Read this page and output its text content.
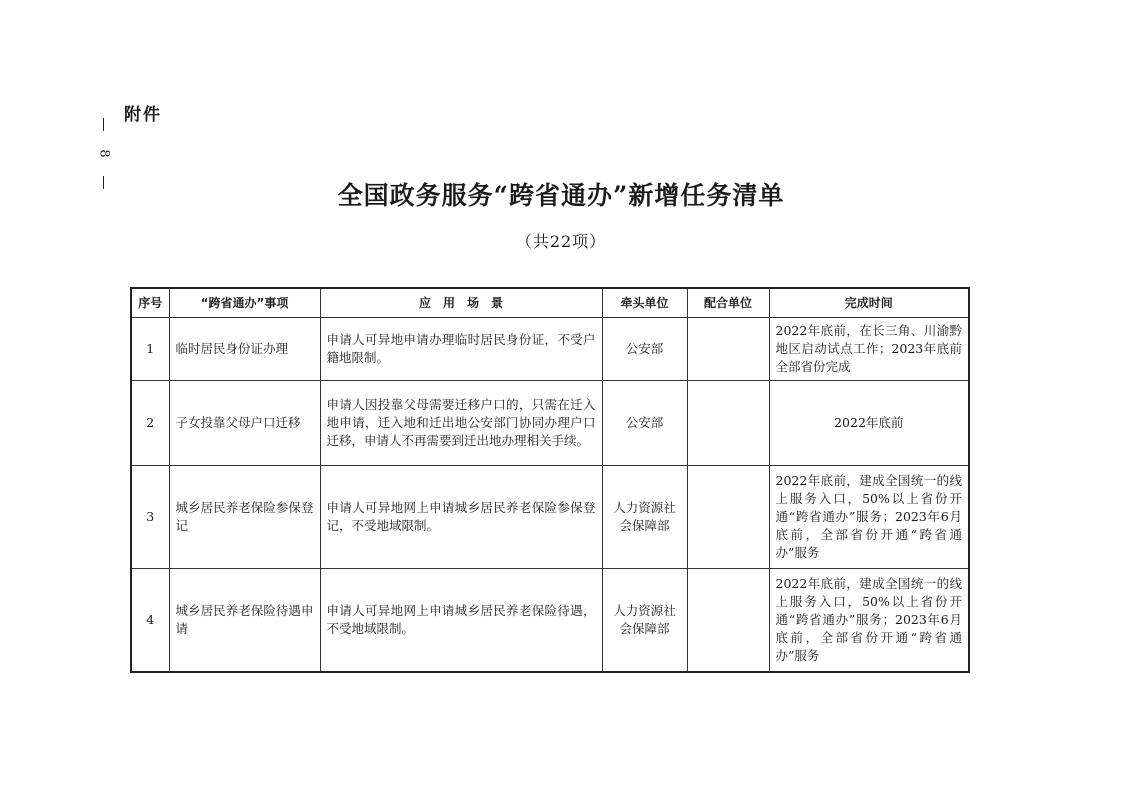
附件
8
全国政务服务“跨省通办”新增任务清单
（共22项）
序号	“跨省通办”事项	应　用　场　景	牵头单位	配合单位	完成时间
1	临时居民身份证办理	申请人可异地申请办理临时居民身份证，不受户籍地限制。	公安部		2022年底前，在长三角、川渝黔地区启动试点工作；2023年底前全部省份完成
2	子女投靠父母户口迁移	申请人因投靠父母需要迁移户口的，只需在迁入地申请，迁入地和迁出地公安部门协同办理户口迁移，申请人不再需要到迁出地办理相关手续。	公安部		2022年底前
3	城乡居民养老保险参保登记	申请人可异地网上申请城乡居民养老保险参保登记，不受地域限制。	人力资源社会保障部		2022年底前，建成全国统一的线上服务入口，50%以上省份开通“跨省通办”服务；2023年6月底前，全部省份开通“跨省通办”服务
4	城乡居民养老保险待遇申请	申请人可异地网上申请城乡居民养老保险待遇，不受地域限制。	人力资源社会保障部		2022年底前，建成全国统一的线上服务入口，50%以上省份开通“跨省通办”服务；2023年6月底前，全部省份开通“跨省通办”服务
